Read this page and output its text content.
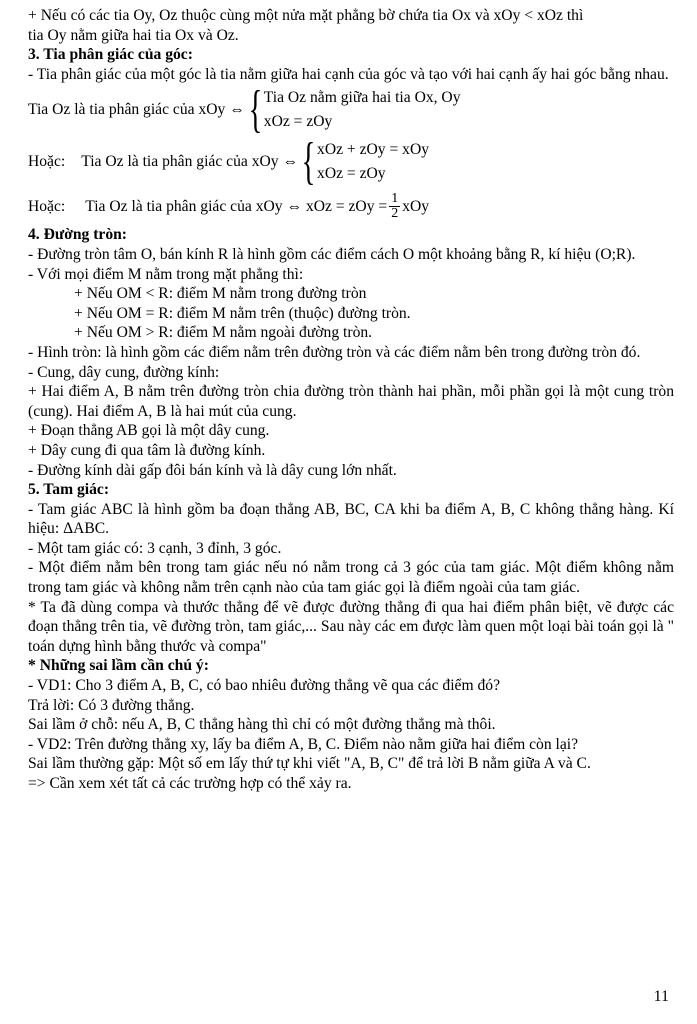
+ Nếu có các tia Oy, Oz thuộc cùng một nửa mặt phẳng bờ chứa tia Ox và xOy < xOz thì

tia Oy nằm giữa hai tia Ox và Oz.

3. Tia phân giác của góc:

- Tia phân giác của một góc là tia nằm giữa hai cạnh của góc và tạo với hai cạnh ấy hai góc bằng nhau.

Tia Oz là tia phân giác của xOy ⇔ { Tia Oz nằm giữa hai tia Ox, Oy
xOz = zOy
Hoặc: Tia Oz là tia phân giác của xOy ⇔ { xOz + zOy = xOy
xOz = zOy
Hoặc: Tia Oz là tia phân giác của xOy ⇔ xOz = zOy = $\frac{1}{2}$ xOy

4. Đường tròn:

- Đường tròn tâm O, bán kính R là hình gồm các điểm cách O một khoảng bằng R, kí hiệu (O;R).

- Với mọi điểm M nằm trong mặt phẳng thì:

+ Nếu OM < R: điểm M nằm trong đường tròn

+ Nếu OM = R: điểm M nằm trên (thuộc) đường tròn.

+ Nếu OM > R: điểm M nằm ngoài đường tròn.

- Hình tròn: là hình gồm các điểm nằm trên đường tròn và các điểm nằm bên trong đường tròn đó.

- Cung, dây cung, đường kính:

+ Hai điểm A, B nằm trên đường tròn chia đường tròn thành hai phần, mỗi phần gọi là một cung tròn (cung). Hai điểm A, B là hai mút của cung.

+ Đoạn thẳng AB gọi là một dây cung.

+ Dây cung đi qua tâm là đường kính.

- Đường kính dài gấp đôi bán kính và là dây cung lớn nhất.

5. Tam giác:

- Tam giác ABC là hình gồm ba đoạn thẳng AB, BC, CA khi ba điểm A, B, C không thẳng hàng. Kí hiệu: ΔABC.

- Một tam giác có: 3 cạnh, 3 đỉnh, 3 góc.

- Một điểm nằm bên trong tam giác nếu nó nằm trong cả 3 góc của tam giác. Một điểm không nằm trong tam giác và không nằm trên cạnh nào của tam giác gọi là điểm ngoài của tam giác.

* Ta đã dùng compa và thước thẳng để vẽ được đường thẳng đi qua hai điểm phân biệt, vẽ được các đoạn thẳng trên tia, vẽ đường tròn, tam giác,... Sau này các em được làm quen một loại bài toán gọi là " toán dựng hình bằng thước và compa"

* Những sai lầm cần chú ý:

- VD1: Cho 3 điểm A, B, C, có bao nhiêu đường thẳng vẽ qua các điểm đó?

Trả lời: Có 3 đường thẳng.

Sai lầm ở chỗ: nếu A, B, C thẳng hàng thì chỉ có một đường thẳng mà thôi.

- VD2: Trên đường thẳng xy, lấy ba điểm A, B, C. Điểm nào nằm giữa hai điểm còn lại?

Sai lầm thường gặp: Một số em lấy thứ tự khi viết "A, B, C" để trả lời B nằm giữa A và C.

=> Cần xem xét tất cả các trường hợp có thể xảy ra.

11
